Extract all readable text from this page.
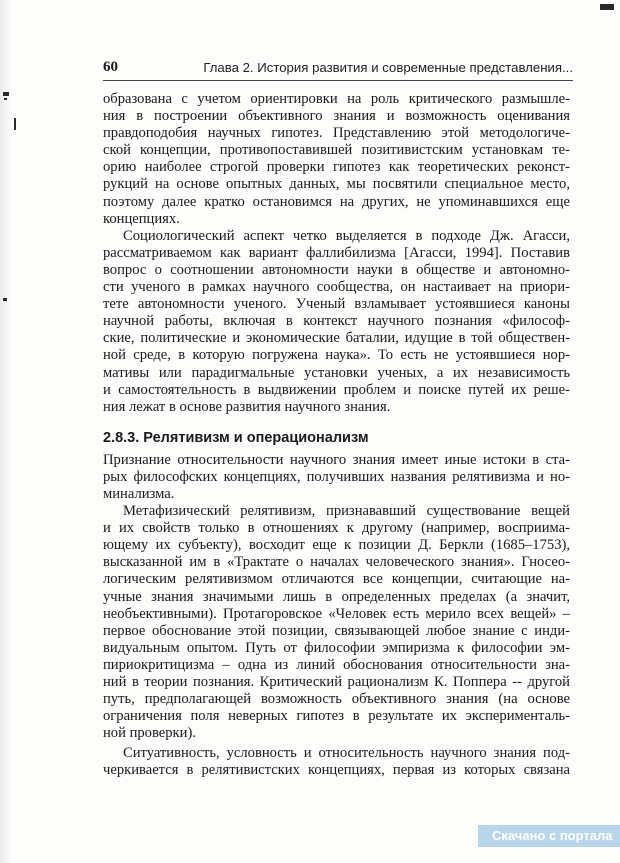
60	Глава 2. История развития и современные представления...

образована с учетом ориентировки на роль критического размышле-
ния в построении объективного знания и возможность оценивания
правдоподобия научных гипотез. Представлению этой методологиче-
ской концепции, противопоставившей позитивистским установкам те-
орию наиболее строгой проверки гипотез как теоретических реконст-
рукций на основе опытных данных, мы посвятили специальное место,
поэтому далее кратко остановимся на других, не упоминавшихся еще
концепциях.

Социологический аспект четко выделяется в подходе Дж. Агасси,
рассматриваемом как вариант фаллибилизма [Агасси, 1994]. Поставив
вопрос о соотношении автономности науки в обществе и автономно-
сти ученого в рамках научного сообщества, он настаивает на приори-
тете автономности ученого. Ученый взламывает устоявшиеся каноны
научной работы, включая в контекст научного познания «философ-
ские, политические и экономические баталии, идущие в той обществен-
ной среде, в которую погружена наука». То есть не устоявшиеся нор-
мативы или парадигмальные установки ученых, а их независимость
и самостоятельность в выдвижении проблем и поиске путей их реше-
ния лежат в основе развития научного знания.

2.8.3. Релятивизм и операционализм

Признание относительности научного знания имеет иные истоки в ста-
рых философских концепциях, получивших названия релятивизма и но-
минализма.

Метафизический релятивизм, признававший существование вещей
и их свойств только в отношениях к другому (например, восприима-
ющему их субъекту), восходит еще к позиции Д. Беркли (1685–1753),
высказанной им в «Трактате о началах человеческого знания». Гносео-
логическим релятивизмом отличаются все концепции, считающие на-
учные знания значимыми лишь в определенных пределах (а значит,
необъективными). Протагоровское «Человек есть мерило всех вещей» –
первое обоснование этой позиции, связывающей любое знание с инди-
видуальным опытом. Путь от философии эмпиризма к философии эм-
пириокритицизма – одна из линий обоснования относительности зна-
ний в теории познания. Критический рационализм К. Поппера -- другой
путь, предполагающей возможность объективного знания (на основе
ограничения поля неверных гипотез в результате их эксперименталь-
ной проверки).

Ситуативность, условность и относительность научного знания под-
черкивается в релятивистских концепциях, первая из которых связана

Скачано с портала
